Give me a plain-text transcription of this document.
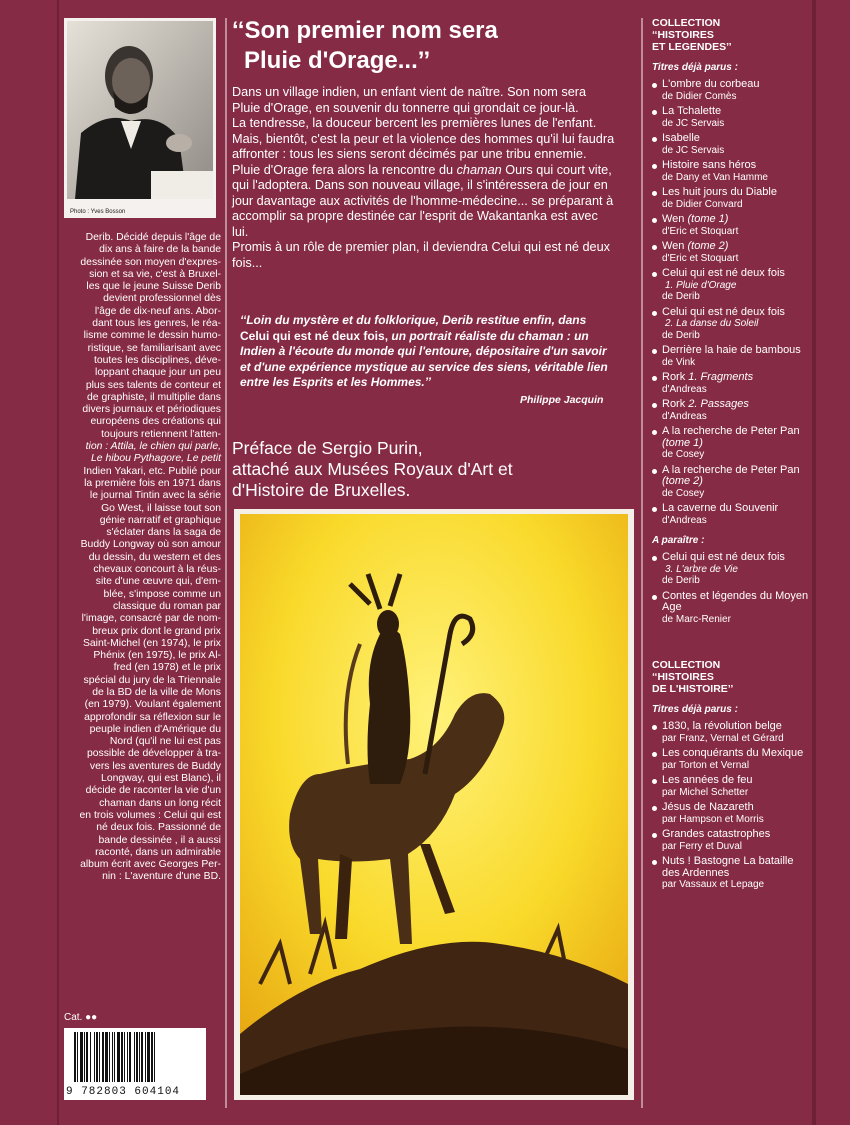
Photo : Yves Bosson
Derib. Décidé depuis l'âge de
dix ans à faire de la bande
dessinée son moyen d'expres-
sion et sa vie, c'est à Bruxel-
les que le jeune Suisse Derib
devient professionnel dès
l'âge de dix-neuf ans. Abor-
dant tous les genres, le réa-
lisme comme le dessin humo-
ristique, se familiarisant avec
toutes les disciplines, déve-
loppant chaque jour un peu
plus ses talents de conteur et
de graphiste, il multiplie dans
divers journaux et périodiques
européens des créations qui
toujours retiennent l'atten-
tion : Attila, le chien qui parle,
Le hibou Pythagore, Le petit
Indien Yakari, etc. Publié pour
la première fois en 1971 dans
le journal Tintin avec la série
Go West, il laisse tout son
génie narratif et graphique
s'éclater dans la saga de
Buddy Longway où son amour
du dessin, du western et des
chevaux concourt à la réus-
site d'une œuvre qui, d'em-
blée, s'impose comme un
classique du roman par
l'image, consacré par de nom-
breux prix dont le grand prix
Saint-Michel (en 1974), le prix
Phénix (en 1975), le prix Al-
fred (en 1978) et le prix
spécial du jury de la Triennale
de la BD de la ville de Mons
(en 1979). Voulant également
approfondir sa réflexion sur le
peuple indien d'Amérique du
Nord (qu'il ne lui est pas
possible de développer à tra-
vers les aventures de Buddy
Longway, qui est Blanc), il
décide de raconter la vie d'un
chaman dans un long récit
en trois volumes : Celui qui est
né deux fois. Passionné de
bande dessinée , il a aussi
raconté, dans un admirable
album écrit avec Georges Per-
nin : L'aventure d'une BD.
Cat. ●●
9 782803 604104
‘‘Son premier nom sera
Pluie d'Orage...’’

Dans un village indien, un enfant vient de naître. Son nom sera Pluie d'Orage, en souvenir du tonnerre qui grondait ce jour-là.

La tendresse, la douceur bercent les premières lunes de l'enfant. Mais, bientôt, c'est la peur et la violence des hommes qu'il lui faudra affronter : tous les siens seront décimés par une tribu ennemie.

Pluie d'Orage fera alors la rencontre du chaman Ours qui court vite, qui l'adoptera. Dans son nouveau village, il s'intéressera de jour en jour davantage aux activités de l'homme-médecine... se préparant à accomplir sa propre destinée car l'esprit de Wakantanka est avec lui.

Promis à un rôle de premier plan, il deviendra Celui qui est né deux fois...

‘‘Loin du mystère et du folklorique, Derib restitue enfin, dans Celui qui est né deux fois, un portrait réaliste du chaman : un Indien à l'écoute du monde qui l'entoure, dépositaire d'un savoir et d'une expérience mystique au service des siens, véritable lien entre les Esprits et les Hommes.’’
Philippe Jacquin
Préface de Sergio Purin,
attaché aux Musées Royaux d'Art et
d'Histoire de Bruxelles.
COLLECTION
‘‘HISTOIRES
ET LEGENDES’’
Titres déjà parus :
L'ombre du corbeau
de Didier Comès
La Tchalette
de JC Servais
Isabelle
de JC Servais
Histoire sans héros
de Dany et Van Hamme
Les huit jours du Diable
de Didier Convard
Wen (tome 1)
d'Eric et Stoquart
Wen (tome 2)
d'Eric et Stoquart
Celui qui est né deux fois
1. Pluie d'Orage
de Derib
Celui qui est né deux fois
2. La danse du Soleil
de Derib
Derrière la haie de bambous
de Vink
Rork 1. Fragments
d'Andreas
Rork 2. Passages
d'Andreas
A la recherche de Peter Pan (tome 1)
de Cosey
A la recherche de Peter Pan (tome 2)
de Cosey
La caverne du Souvenir
d'Andreas
A paraître :
Celui qui est né deux fois
3. L'arbre de Vie
de Derib
Contes et légendes du Moyen Age
de Marc-Renier
COLLECTION
‘‘HISTOIRES
DE L'HISTOIRE’’
Titres déjà parus :
1830, la révolution belge
par Franz, Vernal et Gérard
Les conquérants du Mexique
par Torton et Vernal
Les années de feu
par Michel Schetter
Jésus de Nazareth
par Hampson et Morris
Grandes catastrophes
par Ferry et Duval
Nuts ! Bastogne La bataille des Ardennes
par Vassaux et Lepage
